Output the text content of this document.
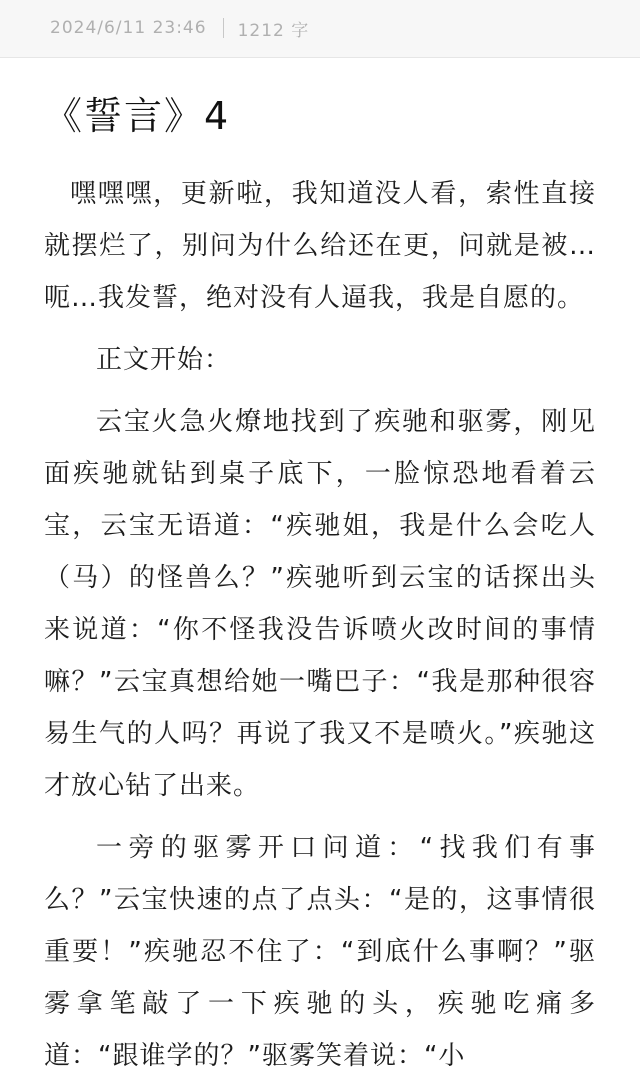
2024/6/11 23:46 1212 字
《誓言》4

嘿嘿嘿，更新啦，我知道没人看，索性直接就摆烂了，别问为什么给还在更，问就是被…呃…我发誓，绝对没有人逼我，我是自愿的。

正文开始：

云宝火急火燎地找到了疾驰和驱雾，刚见面疾驰就钻到桌子底下，一脸惊恐地看着云宝，云宝无语道：“疾驰姐，我是什么会吃人（马）的怪兽么？”疾驰听到云宝的话探出头来说道：“你不怪我没告诉喷火改时间的事情嘛？”云宝真想给她一嘴巴子：“我是那种很容易生气的人吗？再说了我又不是喷火。”疾驰这才放心钻了出来。

一旁的驱雾开口问道：“找我们有事么？”云宝快速的点了点头：“是的，这事情很重要！”疾驰忍不住了：“到底什么事啊？”驱雾拿笔敲了一下疾驰的头，疾驰吃痛多道：“跟谁学的？”驱雾笑着说：“小
